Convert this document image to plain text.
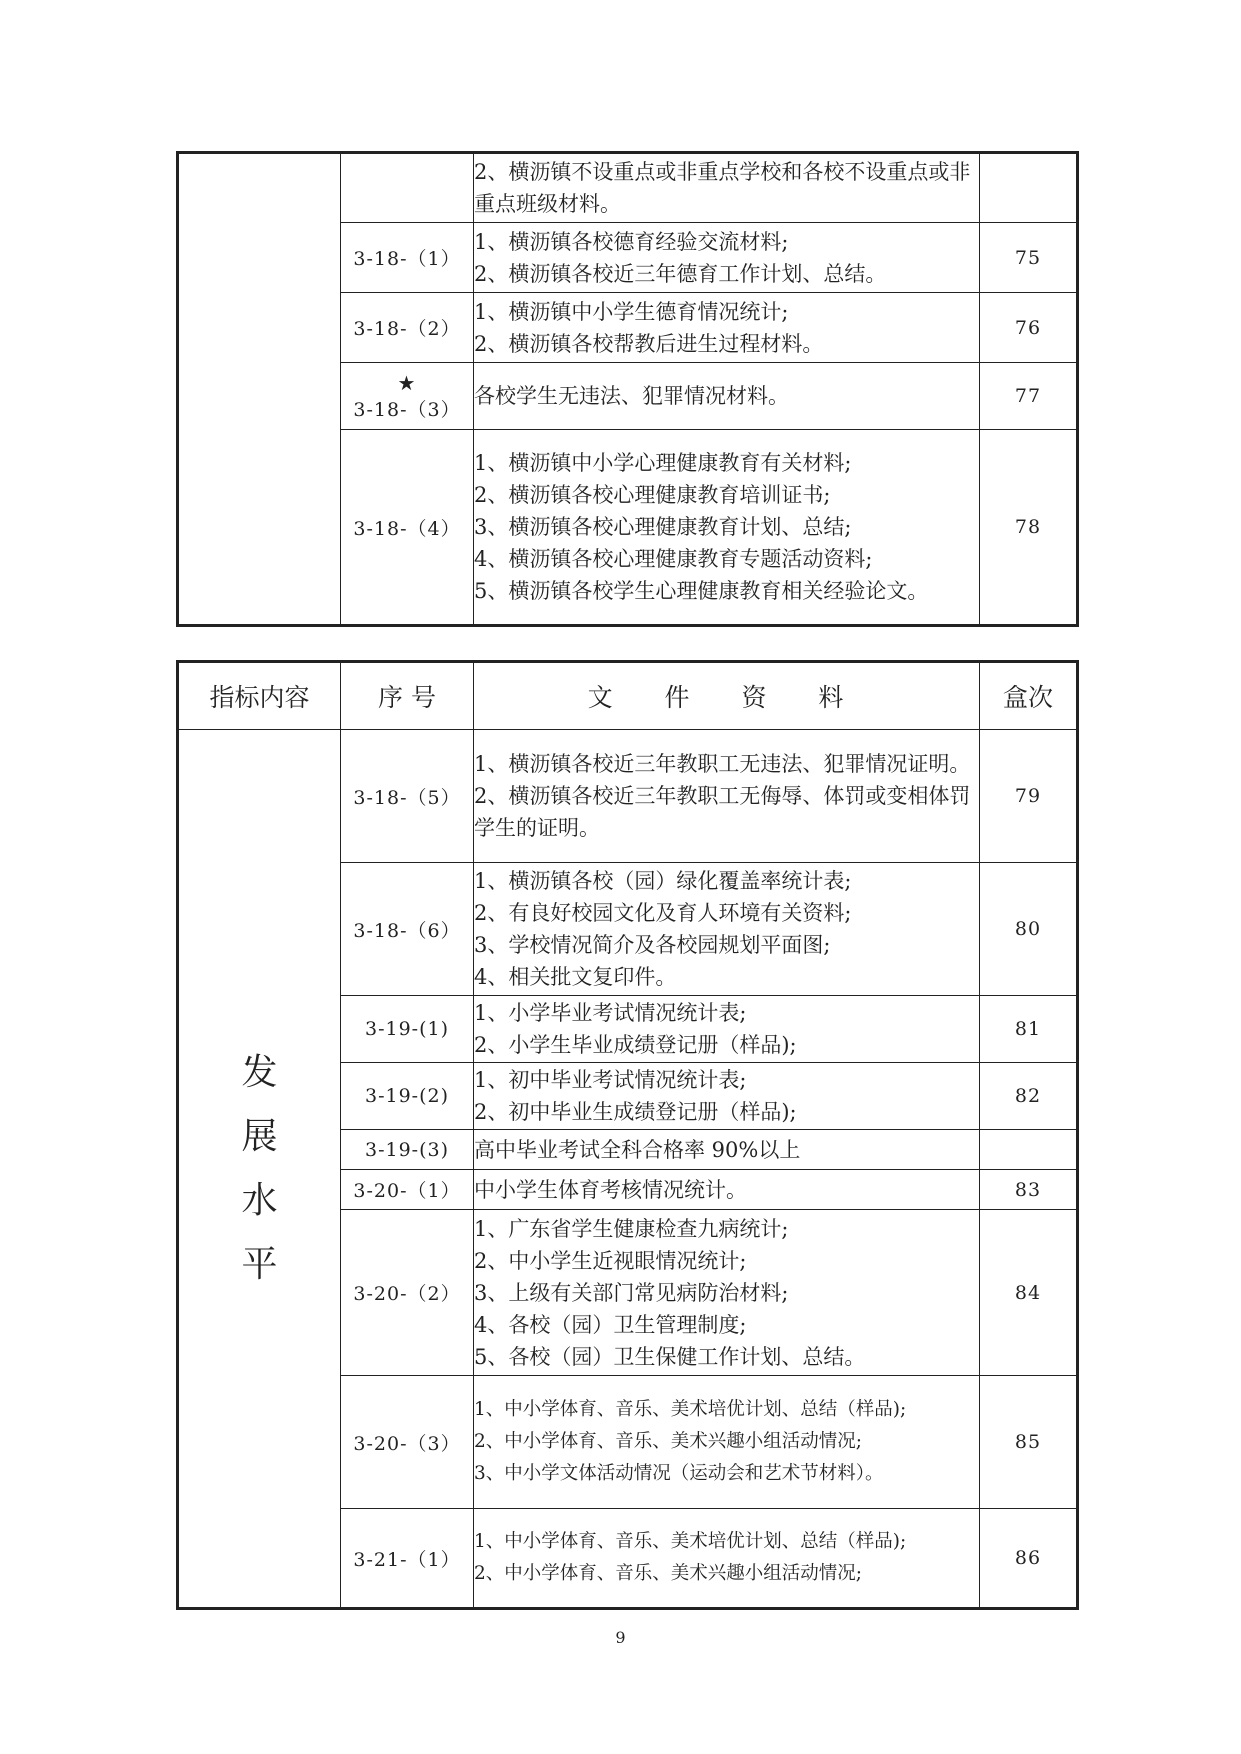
		2、横沥镇不设重点或非重点学校和各校不设重点或非重点班级材料。	

	3-18-（1）	1、横沥镇各校德育经验交流材料;
2、横沥镇各校近三年德育工作计划、总结。	75
	3-18-（2）	1、横沥镇中小学生德育情况统计;
2、横沥镇各校帮教后进生过程材料。	76

	★
3-18-（3）	各校学生无违法、犯罪情况材料。	77
	3-18-（4）	1、横沥镇中小学心理健康教育有关材料;
2、横沥镇各校心理健康教育培训证书;
3、横沥镇各校心理健康教育计划、总结;
4、横沥镇各校心理健康教育专题活动资料;
5、横沥镇各校学生心理健康教育相关经验论文。	78
指标内容	序 号	文 件 资 料	盒次
发展水平	3-18-（5）	1、横沥镇各校近三年教职工无违法、犯罪情况证明。
2、横沥镇各校近三年教职工无侮辱、体罚或变相体罚学生的证明。	79
	3-18-（6）	1、横沥镇各校（园）绿化覆盖率统计表;
2、有良好校园文化及育人环境有关资料;
3、学校情况简介及各校园规划平面图;
4、相关批文复印件。	80
	3-19-(1)	1、小学毕业考试情况统计表;
2、小学生毕业成绩登记册（样品);	81
	3-19-(2)	1、初中毕业考试情况统计表;
2、初中毕业生成绩登记册（样品);	82
	3-19-(3)	高中毕业考试全科合格率 90%以上	

	3-20-（1）	中小学生体育考核情况统计。	83
	3-20-（2）	1、广东省学生健康检查九病统计;
2、中小学生近视眼情况统计;
3、上级有关部门常见病防治材料;
4、各校（园）卫生管理制度;
5、各校（园）卫生保健工作计划、总结。	84
	3-20-（3）	1、中小学体育、音乐、美术培优计划、总结（样品);
2、中小学体育、音乐、美术兴趣小组活动情况;
3、中小学文体活动情况（运动会和艺术节材料）。	85
	3-21-（1）	1、中小学体育、音乐、美术培优计划、总结（样品);
2、中小学体育、音乐、美术兴趣小组活动情况;	86
9
